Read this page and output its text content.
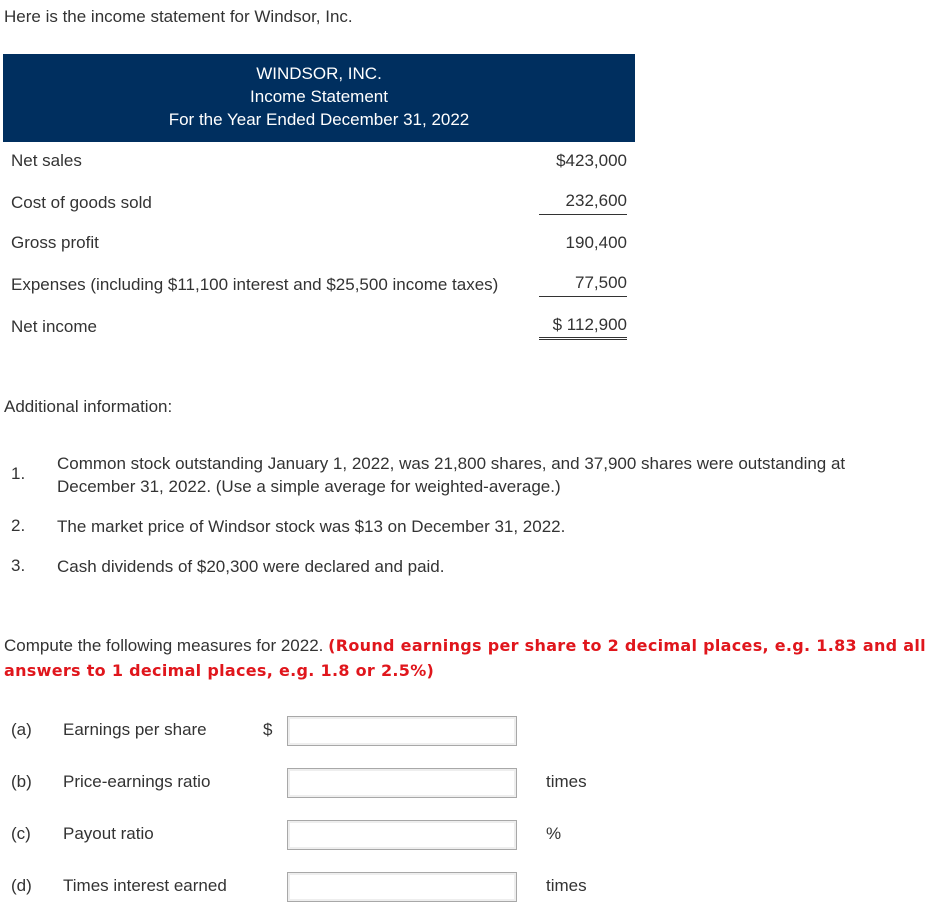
Here is the income statement for Windsor, Inc.
WINDSOR, INC.
Income Statement
For the Year Ended December 31, 2022
Net sales	$423,000
Cost of goods sold	232,600
Gross profit	190,400
Expenses (including $11,100 interest and $25,500 income taxes)	77,500
Net income	$ 112,900
Additional information:
1.
Common stock outstanding January 1, 2022, was 21,800 shares, and 37,900 shares were outstanding at December 31, 2022. (Use a simple average for weighted-average.)
2. The market price of Windsor stock was $13 on December 31, 2022.
3. Cash dividends of $20,300 were declared and paid.
Compute the following measures for 2022. (Round earnings per share to 2 decimal places, e.g. 1.83 and all answers to 1 decimal places, e.g. 1.8 or 2.5%)
(a) Earnings per share	$
(b) Price-earnings ratio	times
(c) Payout ratio	%
(d) Times interest earned	times
